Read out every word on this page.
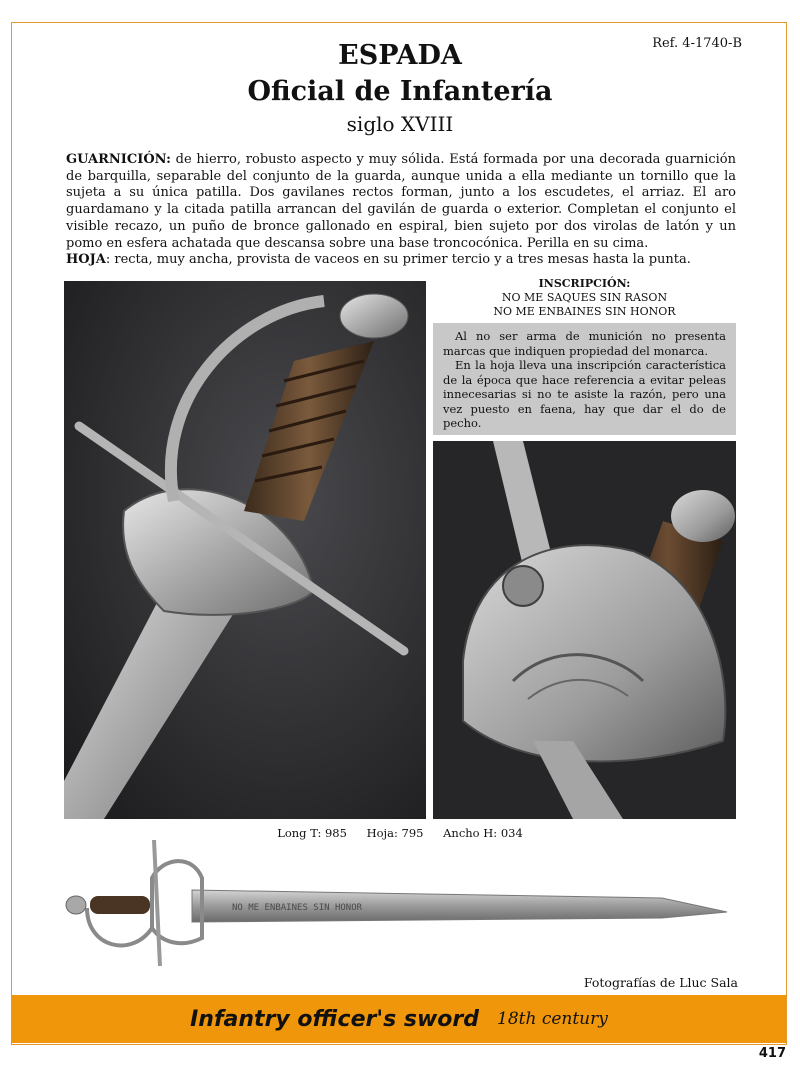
Ref. 4-1740-B
ESPADA
Oficial de Infantería
siglo XVIII

GUARNICIÓN: de hierro, robusto aspecto y muy sólida. Está formada por una decorada guarnición de barquilla, separable del conjunto de la guarda, aunque unida a ella mediante un tornillo que la sujeta a su única patilla. Dos gavilanes rectos forman, junto a los escudetes, el arriaz. El aro guardamano y la citada patilla arrancan del gavilán de guarda o exterior. Completan el conjunto el visible recazo, un puño de bronce gallonado en espiral, bien sujeto por dos virolas de latón y un pomo en esfera achatada que descansa sobre una base troncocónica. Perilla en su cima.

HOJA: recta, muy ancha, provista de vaceos en su primer tercio y a tres mesas hasta la punta.

INSCRIPCIÓN:
NO ME SAQUES SIN RASON
NO ME ENBAINES SIN HONOR

Al no ser arma de munición no presenta marcas que indiquen propiedad del monarca.

En la hoja lleva una inscripción característica de la época que hace referencia a evitar peleas innecesarias si no te asiste la razón, pero una vez puesto en faena, hay que dar el do de pecho.

Long T: 985 Hoja: 795 Ancho H: 034
NO ME ENBAINES SIN HONOR
Fotografías de Lluc Sala
Infantry officer's sword 18th century
417
